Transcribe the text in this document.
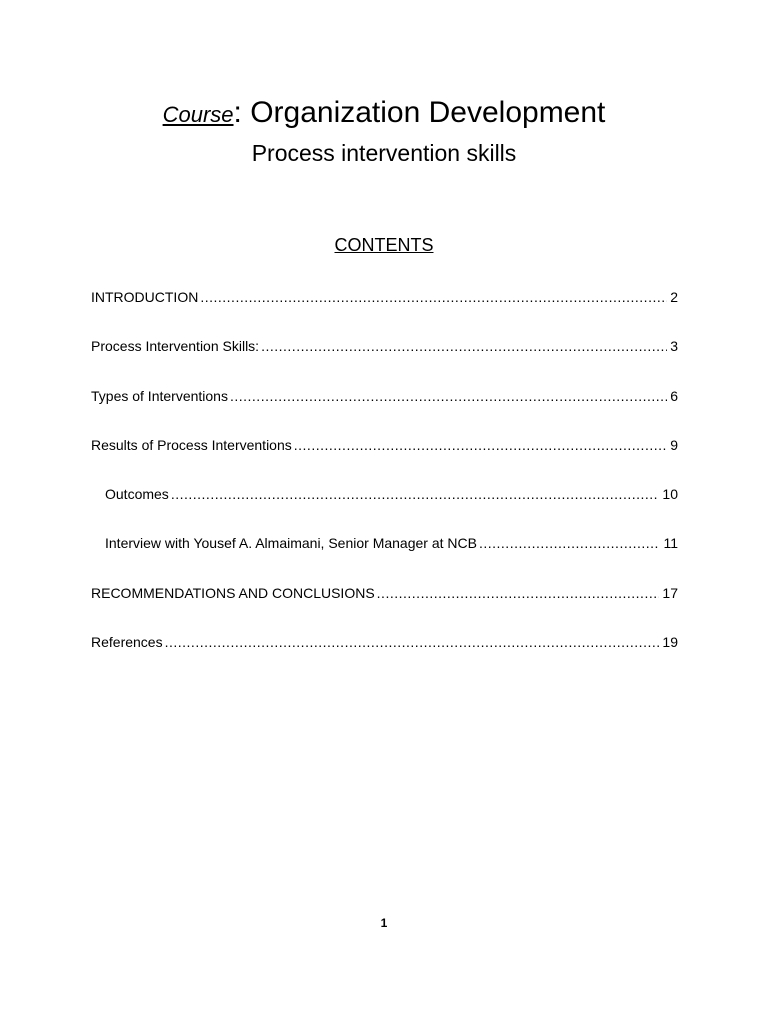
Course: Organization Development
Process intervention skills
CONTENTS
INTRODUCTION .....	2
Process Intervention Skills: .....	3
Types of Interventions .....	6
Results of Process Interventions .....	9
Outcomes .....	10
Interview with Yousef A. Almaimani, Senior Manager at NCB .....	11
RECOMMENDATIONS AND CONCLUSIONS .....	17
References .....	19
1
